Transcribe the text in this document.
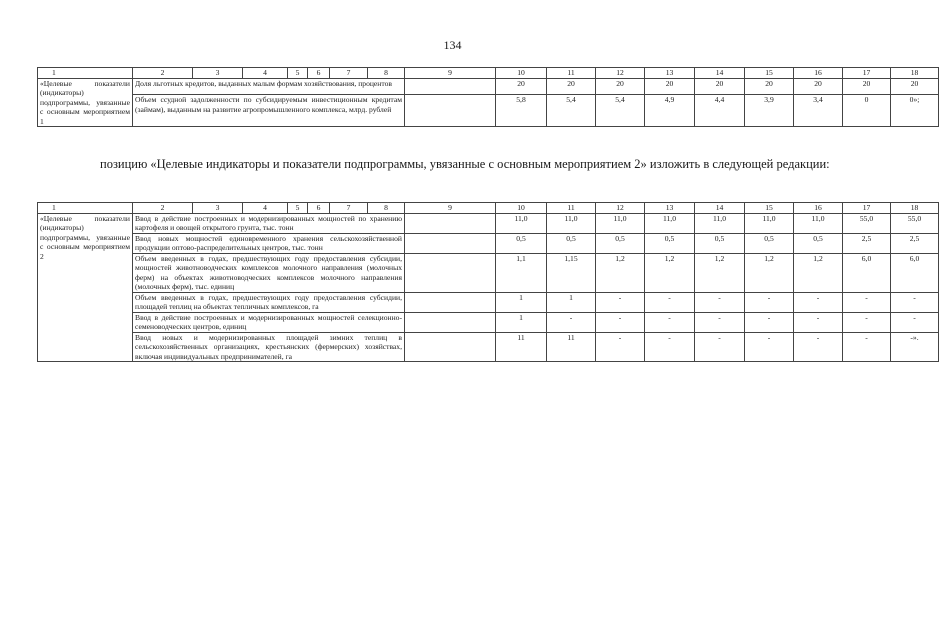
134
1	2	3	4	5	6	7	8	9	10	11	12	13	14	15	16	17	18
«Целевые показатели (индикаторы) подпрограммы, увязанные с основным мероприятием 1	Доля льготных кредитов, выданных малым формам хозяйствования, процентов								20	20	20	20	20	20	20	20	20
	Объем ссудной задолженности по субсидируемым инвестиционным кредитам (займам), выданным на развитие агропромышленного комплекса, млрд. рублей								5,8	5,4	5,4	4,9	4,4	3,9	3,4	0	0»;
позицию «Целевые индикаторы и показатели подпрограммы, увязанные с основным мероприятием 2» изложить в следующей редакции:
1	2	3	4	5	6	7	8	9	10	11	12	13	14	15	16	17	18
«Целевые показатели (индикаторы) подпрограммы, увязанные с основным мероприятием 2	Ввод в действие построенных и модернизированных мощностей по хранению картофеля и овощей открытого грунта, тыс. тонн								11,0	11,0	11,0	11,0	11,0	11,0	11,0	55,0	55,0
	Ввод новых мощностей единовременного хранения сельскохозяйственной продукции оптово-распределительных центров, тыс. тонн								0,5	0,5	0,5	0,5	0,5	0,5	0,5	2,5	2,5
	Объем введенных в годах, предшествующих году предоставления субсидии, мощностей животноводческих комплексов молочного направления (молочных ферм) на объектах животноводческих комплексов молочного направления (молочных ферм), тыс. единиц								1,1	1,15	1,2	1,2	1,2	1,2	1,2	6,0	6,0
	Объем введенных в годах, предшествующих году предоставления субсидии, площадей теплиц на объектах тепличных комплексов, га								1	1	-	-	-	-	-	-	-
	Ввод в действие построенных и модернизированных мощностей селекционно-семеноводческих центров, единиц								1	-	-	-	-	-	-	-	-
	Ввод новых и модернизированных площадей зимних теплиц в сельскохозяйственных организациях, крестьянских (фермерских) хозяйствах, включая индивидуальных предпринимателей, га								11	11	-	-	-	-	-	-	-».
